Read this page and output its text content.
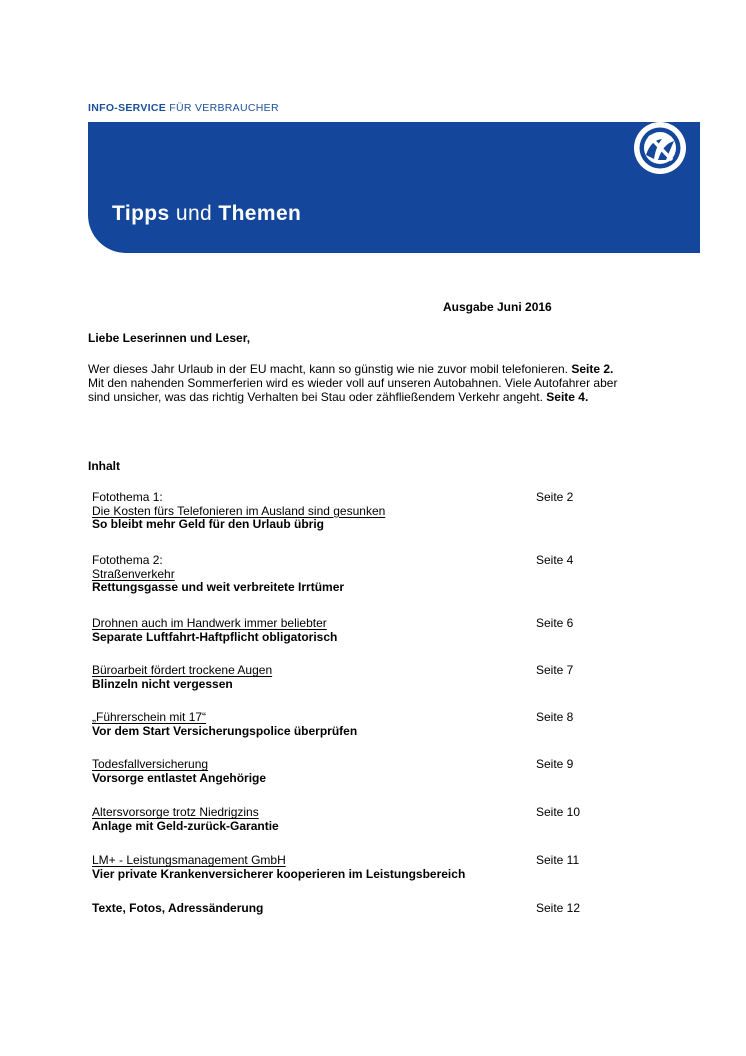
INFO-SERVICE FÜR VERBRAUCHER
Tipps und Themen
Ausgabe Juni 2016
Liebe Leserinnen und Leser,

Wer dieses Jahr Urlaub in der EU macht, kann so günstig wie nie zuvor mobil telefonieren. Seite 2.

Mit den nahenden Sommerferien wird es wieder voll auf unseren Autobahnen. Viele Autofahrer aber sind unsicher, was das richtig Verhalten bei Stau oder zähfließendem Verkehr angeht. Seite 4.

Inhalt
Fotothema 1:
Die Kosten fürs Telefonieren im Ausland sind gesunken
So bleibt mehr Geld für den Urlaub übrig
Seite 2
Fotothema 2:
Straßenverkehr
Rettungsgasse und weit verbreitete Irrtümer
Seite 4
Drohnen auch im Handwerk immer beliebter
Separate Luftfahrt-Haftpflicht obligatorisch
Seite 6
Büroarbeit fördert trockene Augen
Blinzeln nicht vergessen
Seite 7
„Führerschein mit 17“
Vor dem Start Versicherungspolice überprüfen
Seite 8
Todesfallversicherung
Vorsorge entlastet Angehörige
Seite 9
Altersvorsorge trotz Niedrigzins
Anlage mit Geld-zurück-Garantie
Seite 10
LM+ - Leistungsmanagement GmbH
Vier private Krankenversicherer kooperieren im Leistungsbereich
Seite 11
Texte, Fotos, Adressänderung	Seite 12
